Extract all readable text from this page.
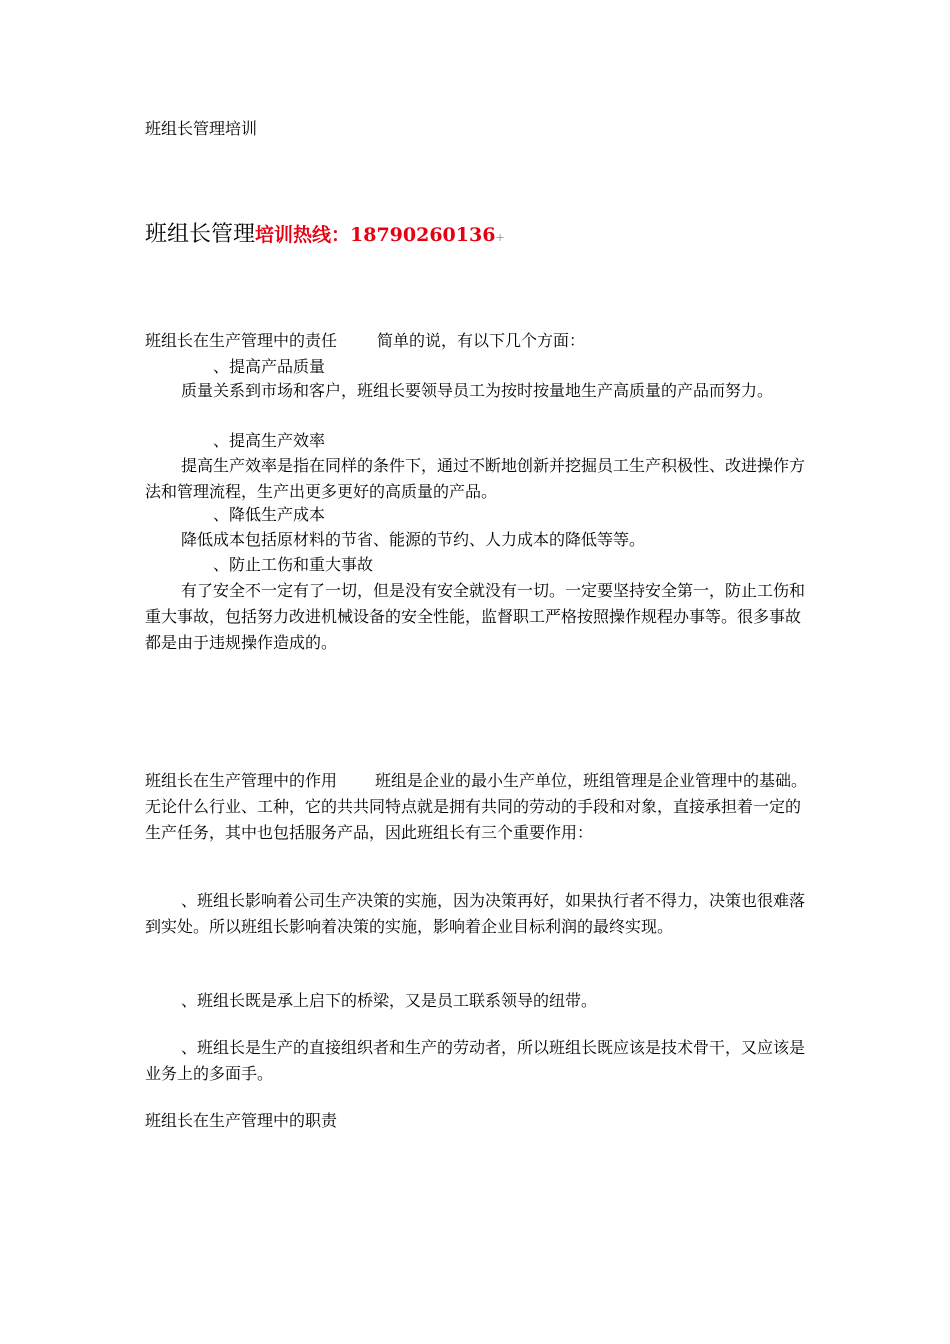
班组长管理培训
班组长管理培训热线：18790260136+
班组长在生产管理中的责任	简单的说，有以下几个方面：
、提高产品质量
质量关系到市场和客户，班组长要领导员工为按时按量地生产高质量的产品而努力。
、提高生产效率
提高生产效率是指在同样的条件下，通过不断地创新并挖掘员工生产积极性、改进操作方法和管理流程，生产出更多更好的高质量的产品。
、降低生产成本
降低成本包括原材料的节省、能源的节约、人力成本的降低等等。
、防止工伤和重大事故
有了安全不一定有了一切，但是没有安全就没有一切。一定要坚持安全第一，防止工伤和重大事故，包括努力改进机械设备的安全性能，监督职工严格按照操作规程办事等。很多事故都是由于违规操作造成的。
班组长在生产管理中的作用 班组是企业的最小生产单位，班组管理是企业管理中的基础。无论什么行业、工种，它的共共同特点就是拥有共同的劳动的手段和对象，直接承担着一定的生产任务，其中也包括服务产品，因此班组长有三个重要作用：
、班组长影响着公司生产决策的实施，因为决策再好，如果执行者不得力，决策也很难落到实处。所以班组长影响着决策的实施，影响着企业目标利润的最终实现。
、班组长既是承上启下的桥梁，又是员工联系领导的纽带。
、班组长是生产的直接组织者和生产的劳动者，所以班组长既应该是技术骨干，又应该是业务上的多面手。
班组长在生产管理中的职责
